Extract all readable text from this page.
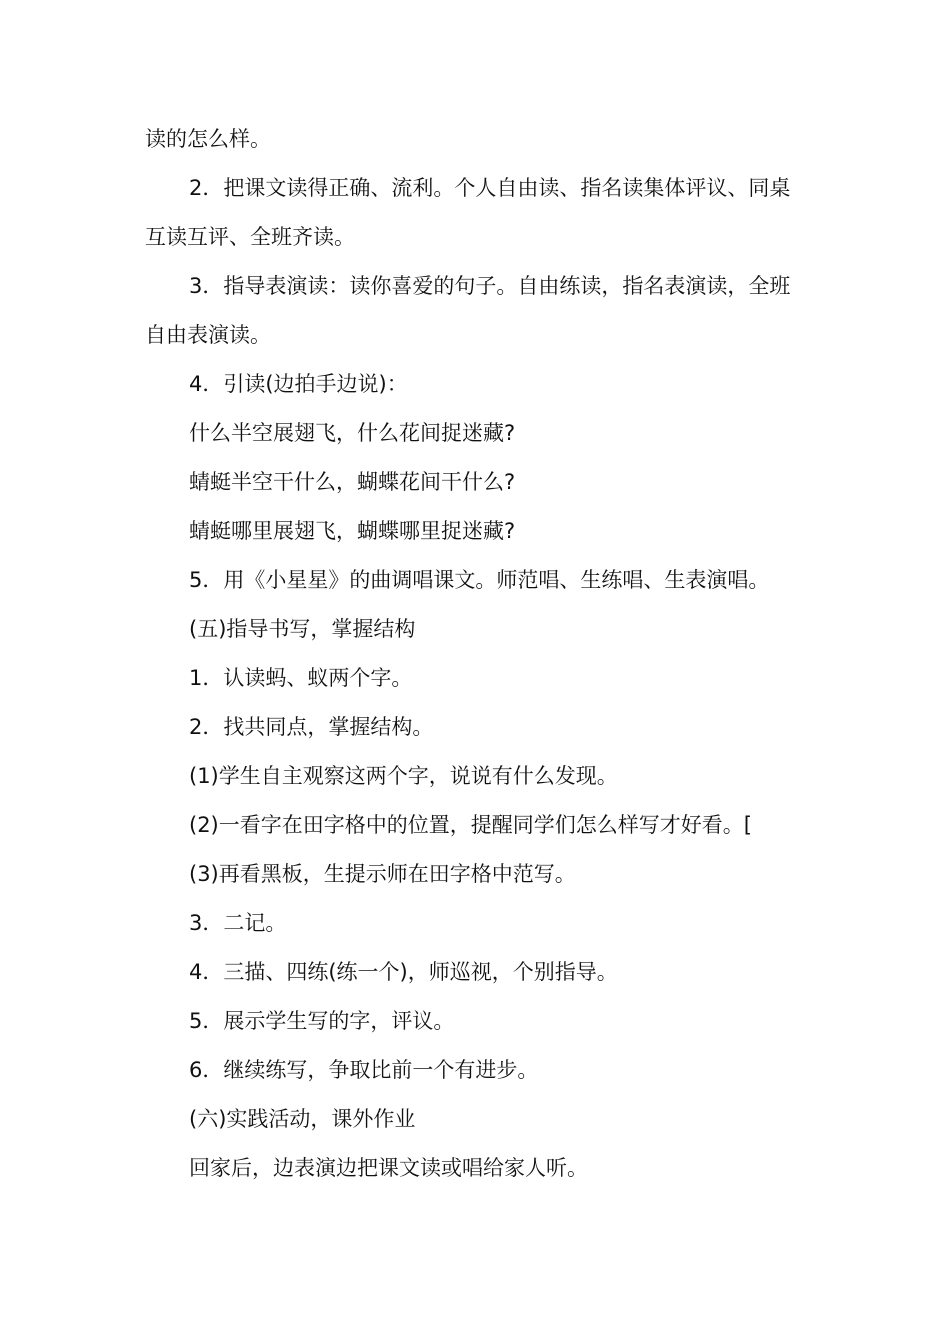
读的怎么样。

2．把课文读得正确、流利。个人自由读、指名读集体评议、同桌互读互评、全班齐读。

3．指导表演读：读你喜爱的句子。自由练读，指名表演读，全班自由表演读。

4．引读(边拍手边说)：

什么半空展翅飞，什么花间捉迷藏?

蜻蜓半空干什么，蝴蝶花间干什么?

蜻蜓哪里展翅飞，蝴蝶哪里捉迷藏?

5．用《小星星》的曲调唱课文。师范唱、生练唱、生表演唱。

(五)指导书写，掌握结构

1．认读蚂、蚁两个字。

2．找共同点，掌握结构。

(1)学生自主观察这两个字，说说有什么发现。

(2)一看字在田字格中的位置，提醒同学们怎么样写才好看。[

(3)再看黑板，生提示师在田字格中范写。

3．二记。

4．三描、四练(练一个)，师巡视，个别指导。

5．展示学生写的字，评议。

6．继续练写，争取比前一个有进步。

(六)实践活动，课外作业

回家后，边表演边把课文读或唱给家人听。
